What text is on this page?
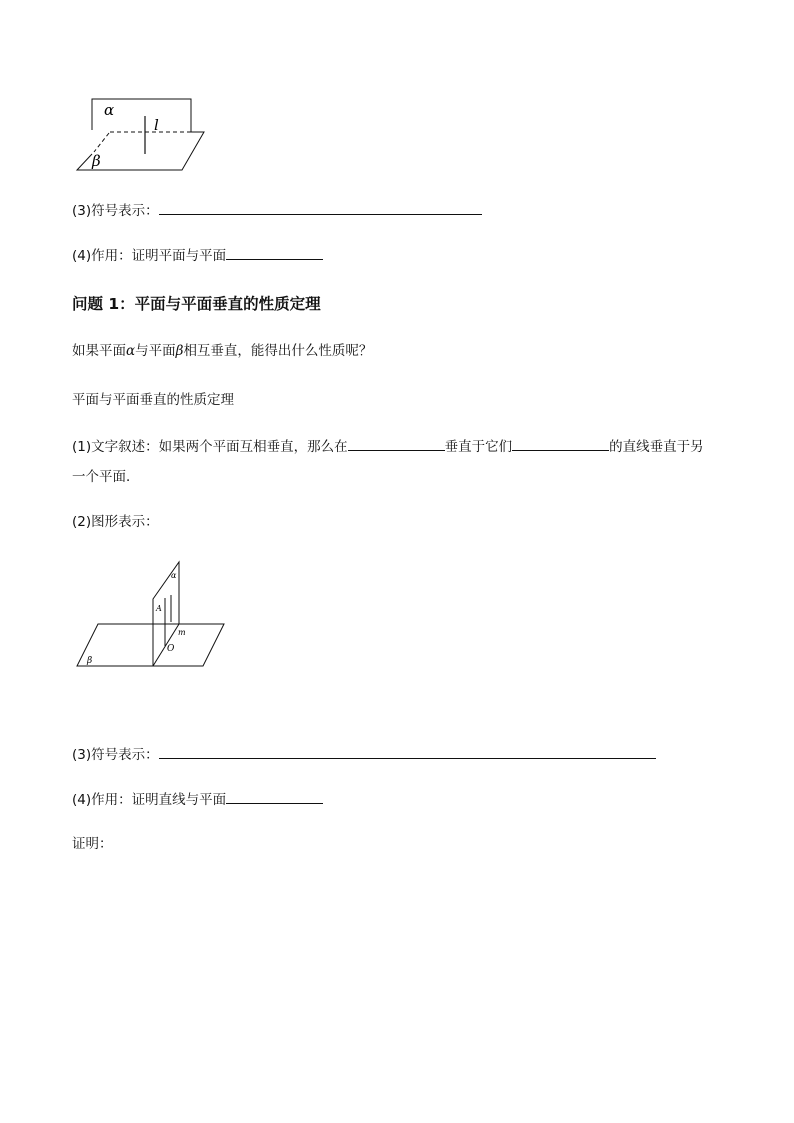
α
l
β
(3)符号表示：
(4)作用：证明平面与平面
问题 1：平面与平面垂直的性质定理
如果平面α与平面β相互垂直，能得出什么性质呢？
平面与平面垂直的性质定理
(1)文字叙述：如果两个平面互相垂直，那么在	垂直于它们	的直线垂直于另
一个平面．
(2)图形表示：
α
A
m
O
β
(3)符号表示：
(4)作用：证明直线与平面
证明：
